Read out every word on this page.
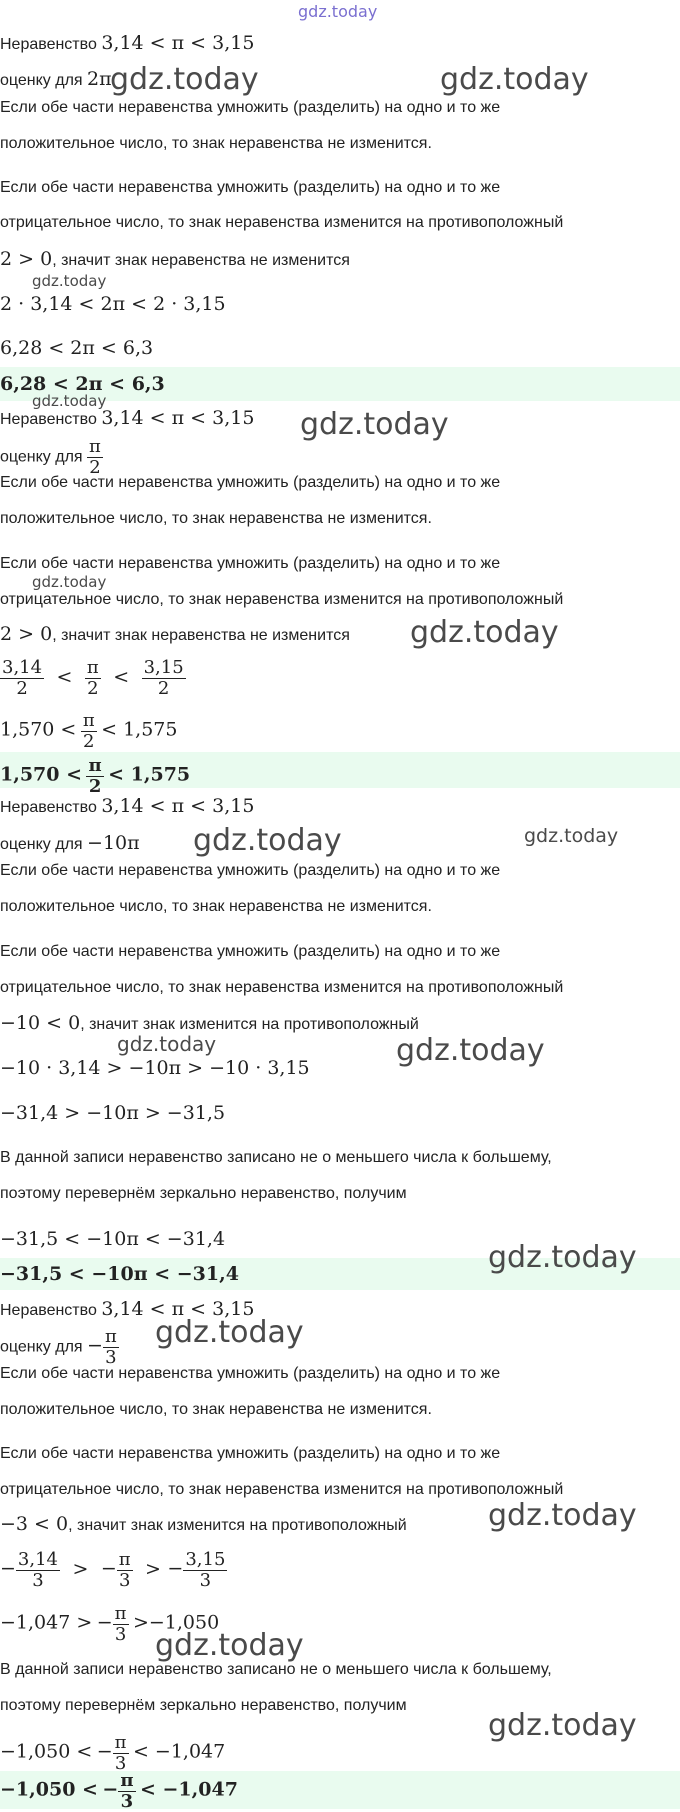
Неравенство 3,14 < π < 3,15
оценку для 2π
Если обе части неравенства умножить (разделить) на одно и то же
положительное число, то знак неравенства не изменится.
Если обе части неравенства умножить (разделить) на одно и то же
отрицательное число, то знак неравенства изменится на противоположный
2 > 0, значит знак неравенства не изменится
2 · 3,14 < 2π < 2 · 3,15
6,28 < 2π < 6,3
6,28 < 2π < 6,3
Неравенство 3,14 < π < 3,15
оценку для $\frac{\pi}{2}$
Если обе части неравенства умножить (разделить) на одно и то же
положительное число, то знак неравенства не изменится.
Если обе части неравенства умножить (разделить) на одно и то же
отрицательное число, то знак неравенства изменится на противоположный
2 > 0, значит знак неравенства не изменится
$\frac{3,14}{2} < \frac{\pi}{2} < \frac{3,15}{2}$
$1,570 < \frac{\pi}{2} < 1,575$
$1,570 < \frac{\pi}{2} < 1,575$
Неравенство 3,14 < π < 3,15
оценку для −10π
Если обе части неравенства умножить (разделить) на одно и то же
положительное число, то знак неравенства не изменится.
Если обе части неравенства умножить (разделить) на одно и то же
отрицательное число, то знак неравенства изменится на противоположный
−10 < 0, значит знак изменится на противоположный
−10 · 3,14 > −10π > −10 · 3,15
−31,4 > −10π > −31,5
В данной записи неравенство записано не о меньшего числа к большему,
поэтому перевернём зеркально неравенство, получим
−31,5 < −10π < −31,4
−31,5 < −10π < −31,4
Неравенство 3,14 < π < 3,15
оценку для − $\frac{\pi}{3}$
Если обе части неравенства умножить (разделить) на одно и то же
положительное число, то знак неравенства не изменится.
Если обе части неравенства умножить (разделить) на одно и то же
отрицательное число, то знак неравенства изменится на противоположный
−3 < 0, значит знак изменится на противоположный
− $\frac{3,14}{3}$ > − $\frac{\pi}{3}$ > − $\frac{3,15}{3}$
−1,047 > − $\frac{\pi}{3} >-1,050$
В данной записи неравенство записано не о меньшего числа к большему,
поэтому перевернём зеркально неравенство, получим
−1,050 < − $\frac{\pi}{3} < -1,047$
−1,050 < − $\frac{\pi}{3} < -1,047$
gdz.today
gdz.today	gdz.today
gdz.today
gdz.today
gdz.today
gdz.today
gdz.today
gdz.today	gdz.today
gdz.today	gdz.today
gdz.today
gdz.today
gdz.today
gdz.today
gdz.today
